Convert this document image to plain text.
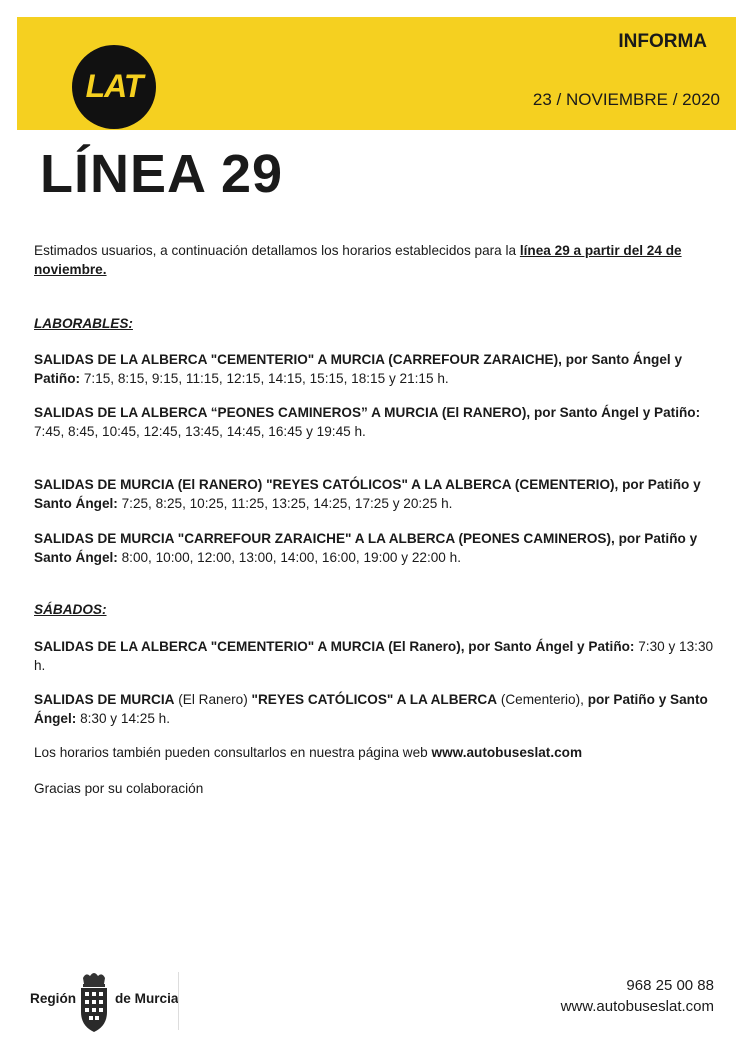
LAT
INFORMA
23 / NOVIEMBRE / 2020
LÍNEA 29
Estimados usuarios, a continuación detallamos los horarios establecidos para la línea 29 a partir del 24 de noviembre.
LABORABLES:
SALIDAS DE LA ALBERCA "CEMENTERIO" A MURCIA (CARREFOUR ZARAICHE), por Santo Ángel y Patiño: 7:15, 8:15, 9:15, 11:15, 12:15, 14:15, 15:15, 18:15 y 21:15 h.
SALIDAS DE LA ALBERCA “PEONES CAMINEROS” A MURCIA (El RANERO), por Santo Ángel y Patiño: 7:45, 8:45, 10:45, 12:45, 13:45, 14:45, 16:45 y 19:45 h.
SALIDAS DE MURCIA (El RANERO) "REYES CATÓLICOS" A LA ALBERCA (CEMENTERIO), por Patiño y Santo Ángel: 7:25, 8:25, 10:25, 11:25, 13:25, 14:25, 17:25 y 20:25 h.
SALIDAS DE MURCIA "CARREFOUR ZARAICHE" A LA ALBERCA (PEONES CAMINEROS), por Patiño y Santo Ángel: 8:00, 10:00, 12:00, 13:00, 14:00, 16:00, 19:00 y 22:00 h.
SÁBADOS:
SALIDAS DE LA ALBERCA "CEMENTERIO" A MURCIA (El Ranero), por Santo Ángel y Patiño: 7:30 y 13:30 h.
SALIDAS DE MURCIA (El Ranero) "REYES CATÓLICOS" A LA ALBERCA (Cementerio), por Patiño y Santo Ángel: 8:30 y 14:25 h.
Los horarios también pueden consultarlos en nuestra página web www.autobuseslat.com
Gracias por su colaboración
Región	de Murcia
968 25 00 88
www.autobuseslat.com
